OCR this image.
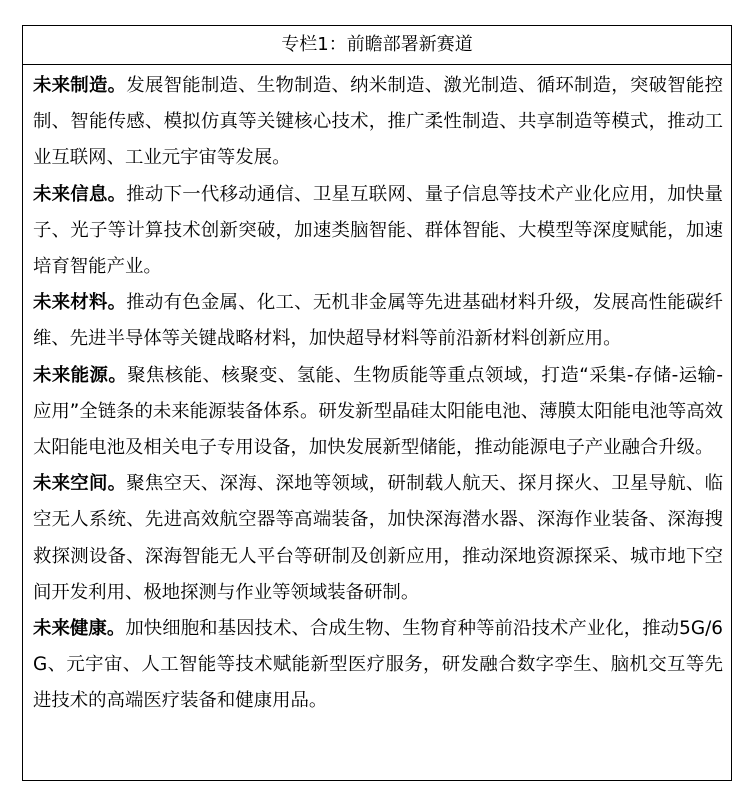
专栏1：前瞻部署新赛道
未来制造。发展智能制造、生物制造、纳米制造、激光制造、循环制造，突破智能控制、智能传感、模拟仿真等关键核心技术，推广柔性制造、共享制造等模式，推动工业互联网、工业元宇宙等发展。
未来信息。推动下一代移动通信、卫星互联网、量子信息等技术产业化应用，加快量子、光子等计算技术创新突破，加速类脑智能、群体智能、大模型等深度赋能，加速培育智能产业。
未来材料。推动有色金属、化工、无机非金属等先进基础材料升级，发展高性能碳纤维、先进半导体等关键战略材料，加快超导材料等前沿新材料创新应用。
未来能源。聚焦核能、核聚变、氢能、生物质能等重点领域，打造“采集-存储-运输-应用”全链条的未来能源装备体系。研发新型晶硅太阳能电池、薄膜太阳能电池等高效太阳能电池及相关电子专用设备，加快发展新型储能，推动能源电子产业融合升级。
未来空间。聚焦空天、深海、深地等领域，研制载人航天、探月探火、卫星导航、临空无人系统、先进高效航空器等高端装备，加快深海潜水器、深海作业装备、深海搜救探测设备、深海智能无人平台等研制及创新应用，推动深地资源探采、城市地下空间开发利用、极地探测与作业等领域装备研制。
未来健康。加快细胞和基因技术、合成生物、生物育种等前沿技术产业化，推动5G/6G、元宇宙、人工智能等技术赋能新型医疗服务，研发融合数字孪生、脑机交互等先进技术的高端医疗装备和健康用品。
